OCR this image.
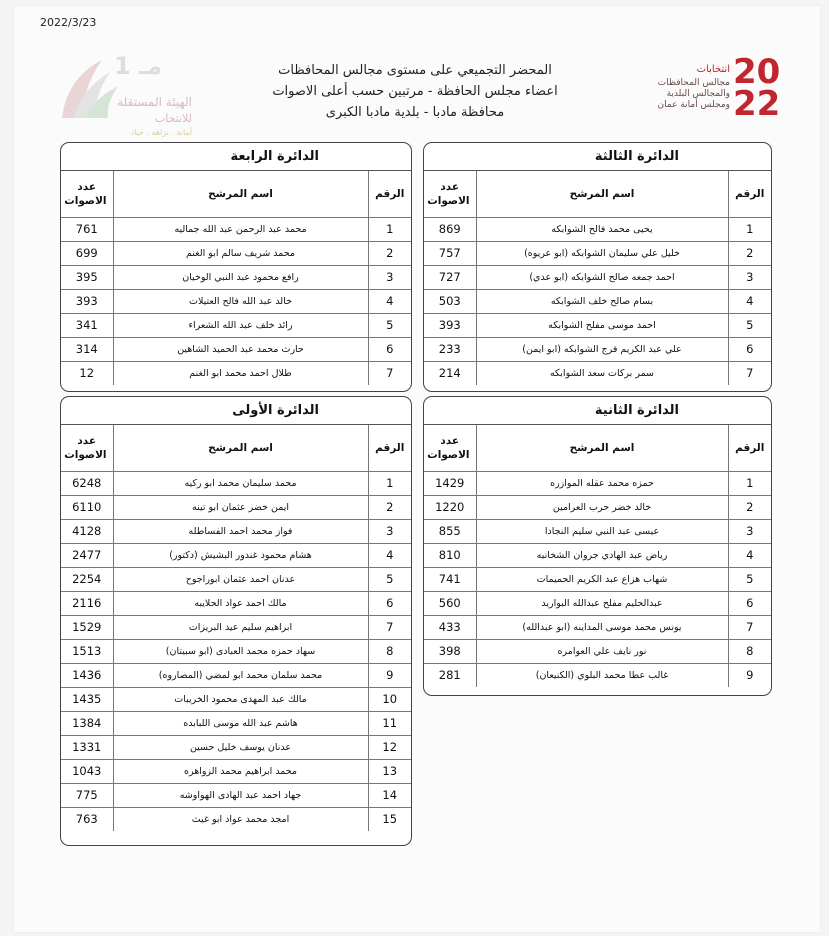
2022/3/23
مـ 1
الهيئة المستقلة
للانتخاب
أمانة . نزاهة . حياد
المحضر التجميعي على مستوى مجالس المحافظات
اعضاء مجلس الحافظة - مرتبين حسب أعلى الاصوات
محافظة مادبا - بلدية مادبا الكبرى
20
22
انتخابات
مجالس المحافظات
والمجالس البلدية
ومجلس أمانة عمان
الدائرة الثالثة
الرقم	اسم المرشح	عدد الاصوات
1	يحيى محمد فالح الشوابكه	869
2	خليل علي سليمان الشوابكه (ابو عريوه)	757
3	احمد جمعه صالح الشوابكه (ابو عدي)	727
4	بسام صالح خلف الشوابكه	503
5	احمد موسى مفلح الشوابكه	393
6	علي عبد الكريم فرج الشوابكه (ابو ايمن)	233
7	سمر بركات سعد الشوابكه	214
الدائرة الرابعة
الرقم	اسم المرشح	عدد الاصوات
1	محمد عبد الرحمن عبد الله جماليه	761
2	محمد شريف سالم ابو الغنم	699
3	رافع محمود عبد النبي الوخيان	395
4	خالد عبد الله فالح العتيلات	393
5	رائد خلف عبد الله الشعراء	341
6	حارث محمد عبد الحميد الشاهين	314
7	طلال احمد محمد ابو الغنم	12
الدائرة الثانية
الرقم	اسم المرشح	عدد الاصوات
1	حمزه محمد عقله الموازره	1429
2	خالد خضر حرب العرامين	1220
3	عيسى عبد النبي سليم النجادا	855
4	رياض عبد الهادي جروان الشخانبه	810
5	شهاب هزاع عبد الكريم الحميمات	741
6	عبدالحليم مفلح عبدالله البواريد	560
7	يونس محمد موسى المداينه (ابو عبدالله)	433
8	نور نايف علي العوامره	398
9	غالب عطا محمد البلوي (الكنيعان)	281
الدائرة الأولى
الرقم	اسم المرشح	عدد الاصوات
1	محمد سليمان محمد ابو ركيه	6248
2	ايمن خضر عثمان ابو تينه	6110
3	فواز محمد احمد الفساطله	4128
4	هشام محمود غندور البشيش (دكتور)	2477
5	عدنان احمد عثمان ابوراجوح	2254
6	مالك احمد عواد الحلايبه	2116
7	ابراهيم سليم عيد البريزات	1529
8	سهاد حمزه محمد العبادى (ابو سبيتان)	1513
9	محمد سلمان محمد ابو لمضي (المصاروه)	1436
10	مالك عبد المهدى محمود الخريبات	1435
11	هاشم عبد الله موسى اللبابده	1384
12	عدنان يوسف خليل حسين	1331
13	محمد ابراهيم محمد الزواهره	1043
14	جهاد احمد عبد الهادى الهواوشه	775
15	امجد محمد عواد ابو غيث	763
